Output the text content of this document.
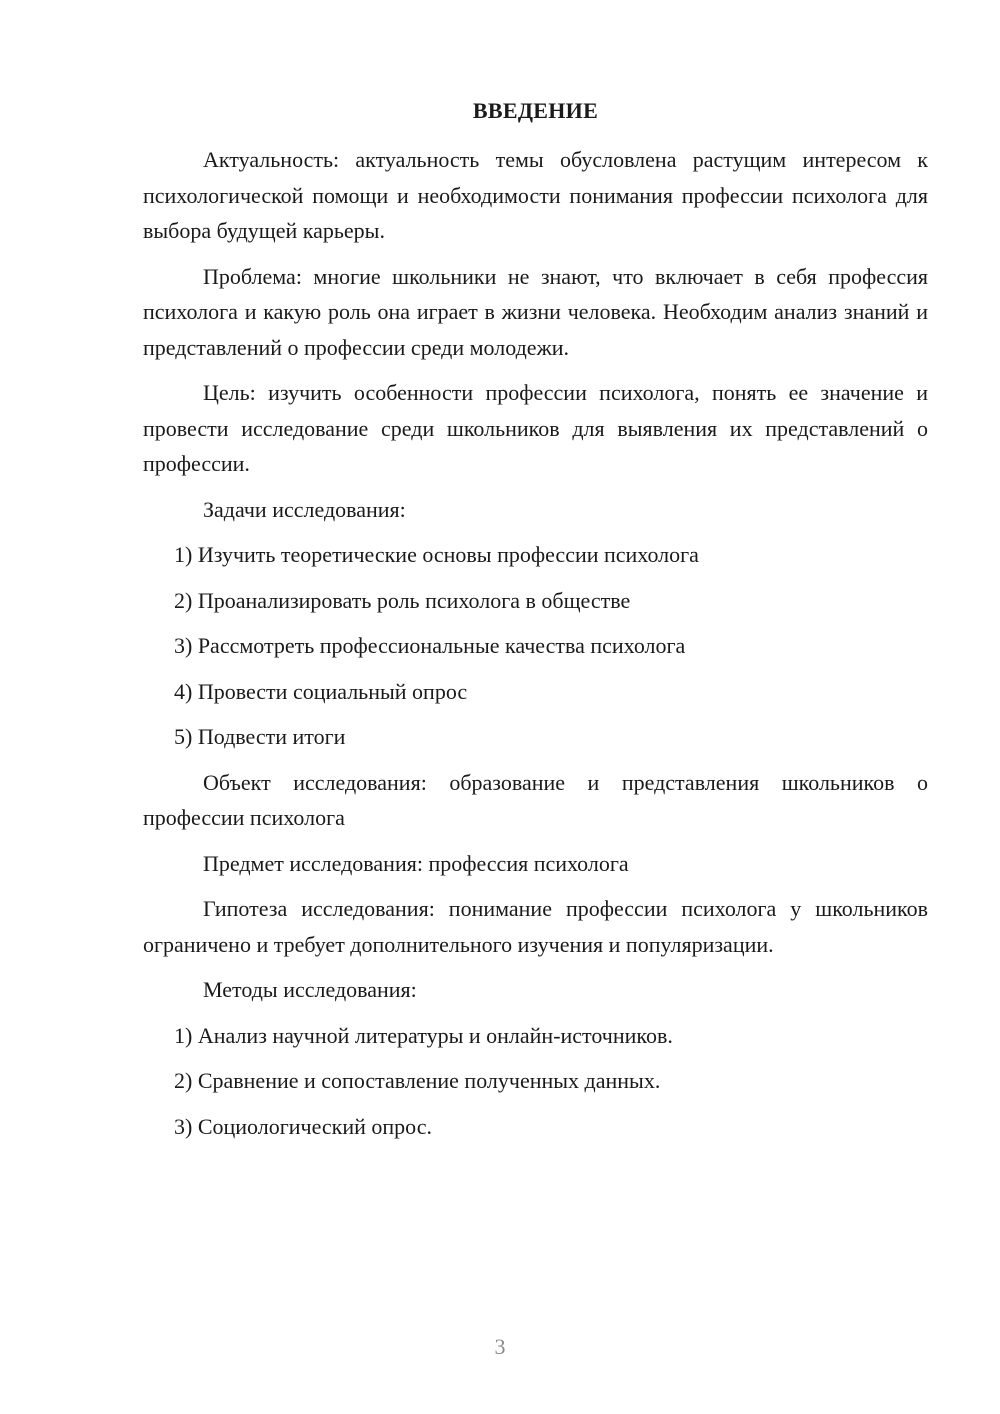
ВВЕДЕНИЕ

Актуальность: актуальность темы обусловлена растущим интересом к психологической помощи и необходимости понимания профессии психолога для выбора будущей карьеры.

Проблема: многие школьники не знают, что включает в себя профессия психолога и какую роль она играет в жизни человека. Необходим анализ знаний и представлений о профессии среди молодежи.

Цель: изучить особенности профессии психолога, понять ее значение и провести исследование среди школьников для выявления их представлений о профессии.

Задачи исследования:

1) Изучить теоретические основы профессии психолога
2) Проанализировать роль психолога в обществе
3) Рассмотреть профессиональные качества психолога
4) Провести социальный опрос
5) Подвести итоги

Объект исследования: образование и представления школьников о профессии психолога

Предмет исследования: профессия психолога

Гипотеза исследования: понимание профессии психолога у школьников ограничено и требует дополнительного изучения и популяризации.

Методы исследования:

1) Анализ научной литературы и онлайн-источников.
2) Сравнение и сопоставление полученных данных.
3) Социологический опрос.
3
